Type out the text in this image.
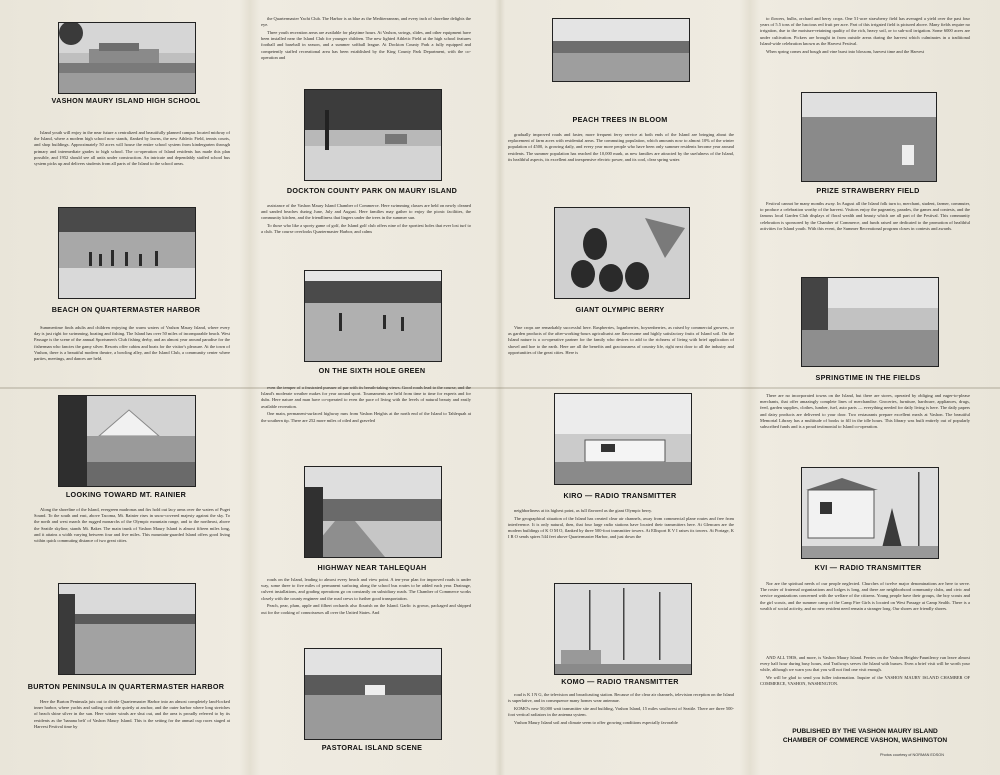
VASHON MAURY ISLAND HIGH SCHOOL

Island youth will enjoy in the near future a centralized and beautifully planned campus located midway of the Island, where a modern high school now stands, flanked by lawns, the new Athletic Field, tennis courts, and shop buildings. Approximately 50 acres will house the entire school system from kindergarten through primary and intermediate grades to high school. The co-operation of Island residents has made this plan possible, and 1952 should see all units under construction. An intricate and dependably staffed school bus system picks up and delivers students from all parts of the Island to the school areas.

BEACH ON QUARTERMASTER HARBOR

Summertime finds adults and children enjoying the warm waters of Vashon Maury Island, where every day is just right for swimming, boating and fishing. The Island has over 50 miles of incomparable beach. West Passage is the scene of the annual Sportsmen's Club fishing derby, and an almost year around paradise for the fisherman who fancies the gamy silver. Resorts offer cabins and boats for the visitor's pleasure. At the town of Vashon, there is a beautiful modern theatre, a bowling alley, and the Island Club, a community center where parties, meetings, and dances are held.

LOOKING TOWARD MT. RAINIER

Along the shoreline of the Island, evergreen madronas and firs hold out lacy arms over the waters of Puget Sound. To the south and east, above Tacoma, Mt. Rainier rises in snow-covered majesty against the sky. To the north and west march the rugged monarchs of the Olympic mountain range, and to the northeast, above the Seattle skyline, stands Mt. Baker. The main trunk of Vashon Maury Island is almost fifteen miles long, and it attains a width varying between four and five miles. This mountain-guarded Island offers good living within quick commuting distance of two great cities.

BURTON PENINSULA IN QUARTERMASTER HARBOR

Here the Burton Peninsula juts out to divide Quartermaster Harbor into an almost completely land-locked inner harbor, where yachts and sailing craft ride quietly at anchor, and the outer harbor where long stretches of beach shine silver in the sun. Here winter winds are shut out, and the area is proudly referred to by its residents as the 'banana belt' of Vashon Maury Island. This is the setting for the annual cup races staged at Harvest Festival time by

the Quartermaster Yacht Club. The Harbor is as blue as the Mediterranean, and every inch of shoreline delights the eye.

Three youth recreation areas are available for playtime hours. At Vashon, swings, slides, and other equipment have been installed near the Island Club for younger children. The new lighted Athletic Field at the high school features football and baseball in season, and a summer softball league. At Dockton County Park a fully equipped and competently staffed recreational area has been established by the King County Park Department, with the co-operation and

DOCKTON COUNTY PARK ON MAURY ISLAND

assistance of the Vashon Maury Island Chamber of Commerce. Here swimming classes are held on newly cleaned and sanded beaches during June, July and August. Here families may gather to enjoy the picnic facilities, the community kitchen, and the friendliness that lingers under the trees in the summer sun.

To those who like a sporty game of golf, the Island golf club offers nine of the sportiest holes that ever lost turf to a club. The course overlooks Quartermaster Harbor, and calms

ON THE SIXTH HOLE GREEN

even the temper of a frustrated pursuer of par with its breath-taking views. Good roads lead to the course, and the Island's moderate weather makes for year around sport. Tournaments are held from time to time for experts and for dubs. Here nature and man have co-operated to even the pace of living with the levels of natural beauty and easily available recreation.

One main, permanent-surfaced highway runs from Vashon Heights at the north end of the Island to Tahlequah at the southern tip. There are 252 more miles of oiled and graveled

HIGHWAY NEAR TAHLEQUAH

roads on the Island, leading to almost every beach and view point. A ten-year plan for improved roads is under way, some three to five miles of permanent surfacing along the school bus routes to be added each year. Drainage, culvert installations, and grading operations go on constantly on subsidiary roads. The Chamber of Commerce works closely with the county engineer and the road crews to further good transportation.

Peach, pear, plum, apple and filbert orchards also flourish on the Island. Garlic is grown, packaged and shipped out for the cooking of connoisseurs all over the United States. And

PASTORAL ISLAND SCENE
PEACH TREES IN BLOOM

gradually improved roads and faster, more frequent ferry service at both ends of the Island are bringing about the replacement of farm acres with residential areas. The commuting population, which amounts now to almost 10% of the winter population of 4500, is growing daily, and every year more people who have been only summer residents become year around residents. The summer population has reached the 10,000 mark, as new families are attracted by the usefulness of the Island, its healthful aspects, its excellent and inexpensive electric power, and its cool, clear spring water.

GIANT OLYMPIC BERRY

Vine crops are remarkably successful here. Raspberries, loganberries, boysenberries, as raised by commercial growers, or as garden products of the after-working-hours agriculturist are flavorsome and highly satisfactory fruits of Island soil. On the Island nature is a co-operative partner for the family who desires to add to the richness of living with brief application of shovel and hoe to the earth. Here are all the benefits and graciousness of country life, right next door to all the industry and opportunities of the great cities. Here is

KIRO — RADIO TRANSMITTER

neighborliness at its highest point, as full flavored as the giant Olympic berry.

The geographical situation of the Island has created clear air channels, away from commercial plane routes and free from interference. It is only natural, then, that four large radio stations have located their transmitters here. At Glencarn are the modern buildings of K O M O, flanked by three 500-foot transmitter towers. At Ellisport K V I raises its towers. At Portage, K I R O sends spires 544 feet above Quartermaster Harbor, and just down the

KOMO — RADIO TRANSMITTER

road is K I N G, the television and broadcasting station. Because of the clear air channels, television reception on the Island is superlative, and in consequence many homes wear antennae.

KOMO's new 50,000 watt transmitter site and building, Vashon Island, 15 miles southwest of Seattle. There are three 500-foot vertical radiators in the antenna system.

Vashon Maury Island soil and climate seem to offer growing conditions especially favorable

to flowers, bulbs, orchard and berry crops. One 51-acre strawberry field has averaged a yield over the past four years of 5.5 tons of the luscious red fruit per acre. Part of this irrigated field is pictured above. Many fields require no irrigation, due to the moisture-retaining quality of the rich, heavy soil, or to sub-soil irrigation. Some 6000 acres are under cultivation. Pickers are brought in from outside areas during the harvest which culminates in a traditional Island-wide celebration known as the Harvest Festival.

When spring comes and bough and vine burst into blossom, harvest time and the Harvest

PRIZE STRAWBERRY FIELD

Festival cannot be many months away. In August all the Island folk turn to, merchant, student, farmer, commuter, to produce a celebration worthy of the harvest. Visitors enjoy the pageantry, parades, the games and contests, and the famous local Garden Club displays of floral wealth and beauty which are all part of the Festival. This community celebration is sponsored by the Chamber of Commerce, and funds raised are dedicated to the promotion of healthful activities for Island youth. With this event, the Summer Recreational program closes in contests and awards.

SPRINGTIME IN THE FIELDS

There are no incorporated towns on the Island, but there are stores, operated by obliging and eager-to-please merchants, that offer amazingly complete lines of merchandise. Groceries, furniture, hardware, appliances, drugs, feed, garden supplies, clothes, lumber, fuel, auto parts — everything needed for daily living is here. The daily papers and dairy products are delivered to your door. Two restaurants prepare excellent meals at Vashon. The beautiful Memorial Library has a multitude of books to fill in the idle hours. This library was built entirely out of popularly subscribed funds and is a proud testimonial to Island co-operation.

KVI — RADIO TRANSMITTER

Nor are the spiritual needs of our people neglected. Churches of twelve major denominations are here to serve. The roster of fraternal organizations and lodges is long, and there are neighborhood community clubs, and civic and service organizations concerned with the welfare of the citizens. Young people have their groups, the boy scouts and the girl scouts, and the summer camp of the Camp Fire Girls is located on West Passage at Camp Sealth. There is a wealth of social activity, and no new resident need remain a stranger long. Our shores are friendly shores.

AND ALL THIS, and more, is Vashon Maury Island. Ferries on the Vashon Heights-Fauntleroy run leave almost every half hour during busy hours, and Trailways serves the Island with busses. Even a brief visit will be worth your while, although we warn you that you will not find one visit enough.

We will be glad to send you fuller information. Inquire of the VASHON MAURY ISLAND CHAMBER OF COMMERCE, VASHON, WASHINGTON.

PUBLISHED BY THE VASHON MAURY ISLAND
CHAMBER OF COMMERCE VASHON, WASHINGTON
Photos courtesy of NORMAN EDSON
